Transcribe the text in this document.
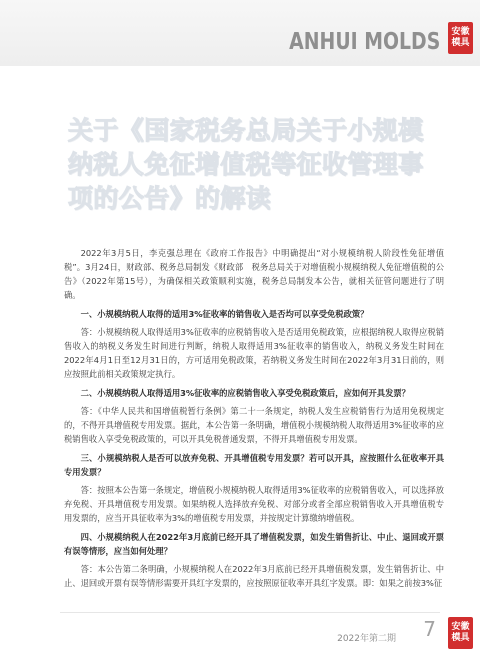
ANHUI MOLDS 安徽
模具
关于《国家税务总局关于小规模纳税人免征增值税等征收管理事项的公告》的解读

2022年3月5日，李克强总理在《政府工作报告》中明确提出“对小规模纳税人阶段性免征增值税”。3月24日，财政部、税务总局制发《财政部　税务总局关于对增值税小规模纳税人免征增值税的公告》（2022年第15号），为确保相关政策顺利实施，税务总局制发本公告，就相关征管问题进行了明确。

一、小规模纳税人取得的适用3%征收率的销售收入是否均可以享受免税政策？

答：小规模纳税人取得适用3%征收率的应税销售收入是否适用免税政策，应根据纳税人取得应税销售收入的纳税义务发生时间进行判断，纳税人取得适用3%征收率的销售收入，纳税义务发生时间在2022年4月1日至12月31日的，方可适用免税政策，若纳税义务发生时间在2022年3月31日前的，则应按照此前相关政策规定执行。

二、小规模纳税人取得适用3%征收率的应税销售收入享受免税政策后，应如何开具发票？

答：《中华人民共和国增值税暂行条例》第二十一条规定，纳税人发生应税销售行为适用免税规定的，不得开具增值税专用发票。据此，本公告第一条明确，增值税小规模纳税人取得适用3%征收率的应税销售收入享受免税政策的，可以开具免税普通发票，不得开具增值税专用发票。

三、小规模纳税人是否可以放弃免税、开具增值税专用发票？若可以开具，应按照什么征收率开具专用发票？

答：按照本公告第一条规定，增值税小规模纳税人取得适用3%征收率的应税销售收入，可以选择放弃免税、开具增值税专用发票。如果纳税人选择放弃免税、对部分或者全部应税销售收入开具增值税专用发票的，应当开具征收率为3%的增值税专用发票，并按规定计算缴纳增值税。

四、小规模纳税人在2022年3月底前已经开具了增值税发票，如发生销售折让、中止、退回或开票有误等情形，应当如何处理？

答：本公告第二条明确，小规模纳税人在2022年3月底前已经开具增值税发票，发生销售折让、中止、退回或开票有误等情形需要开具红字发票的，应按照原征收率开具红字发票。即：如果之前按3%征

2022年第二期 7 安徽
模具
